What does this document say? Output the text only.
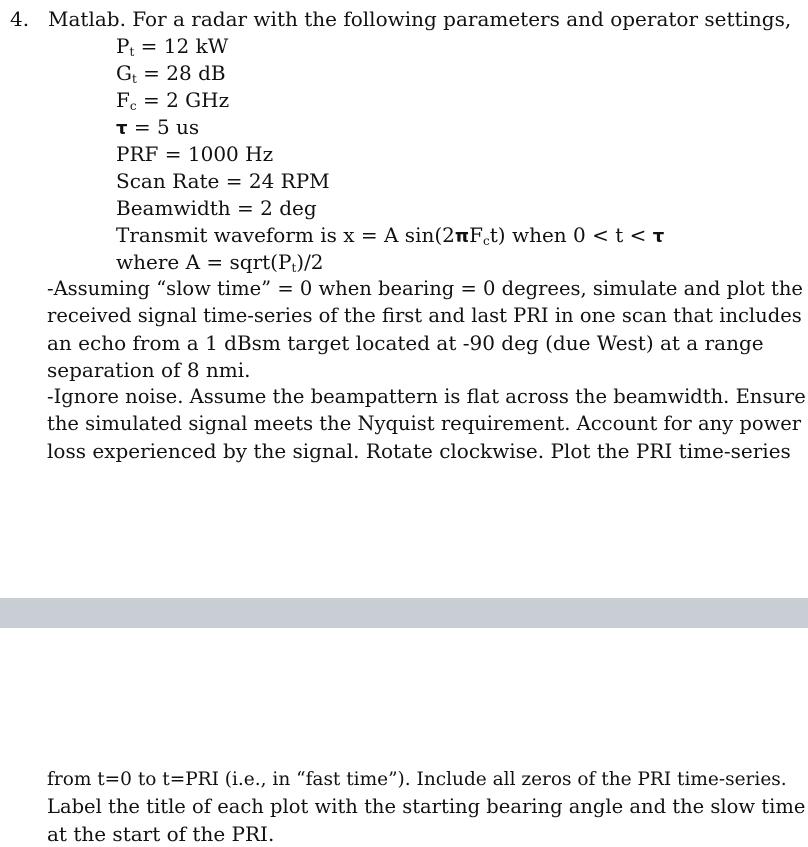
4. Matlab. For a radar with the following parameters and operator settings,
$P_t = 12$ kW
$G_t = 28$ dB
$F_c = 2$ GHz
τ = 5 us
PRF = 1000 Hz
Scan Rate = 24 RPM
Beamwidth = 2 deg
Transmit waveform is x = A $\sin(2\pi F_ct)$ when 0 < t < τ
where $A = sqrt(P_t)/2$
-Assuming “slow time” = 0 when bearing = 0 degrees, simulate and plot the
received signal time-series of the first and last PRI in one scan that includes
an echo from a 1 dBsm target located at -90 deg (due West) at a range
separation of 8 nmi.
-Ignore noise. Assume the beampattern is flat across the beamwidth. Ensure
the simulated signal meets the Nyquist requirement. Account for any power
loss experienced by the signal. Rotate clockwise. Plot the PRI time-series
from t=0 to t=PRI (i.e., in “fast time”). Include all zeros of the PRI time-series.
Label the title of each plot with the starting bearing angle and the slow time
at the start of the PRI.
